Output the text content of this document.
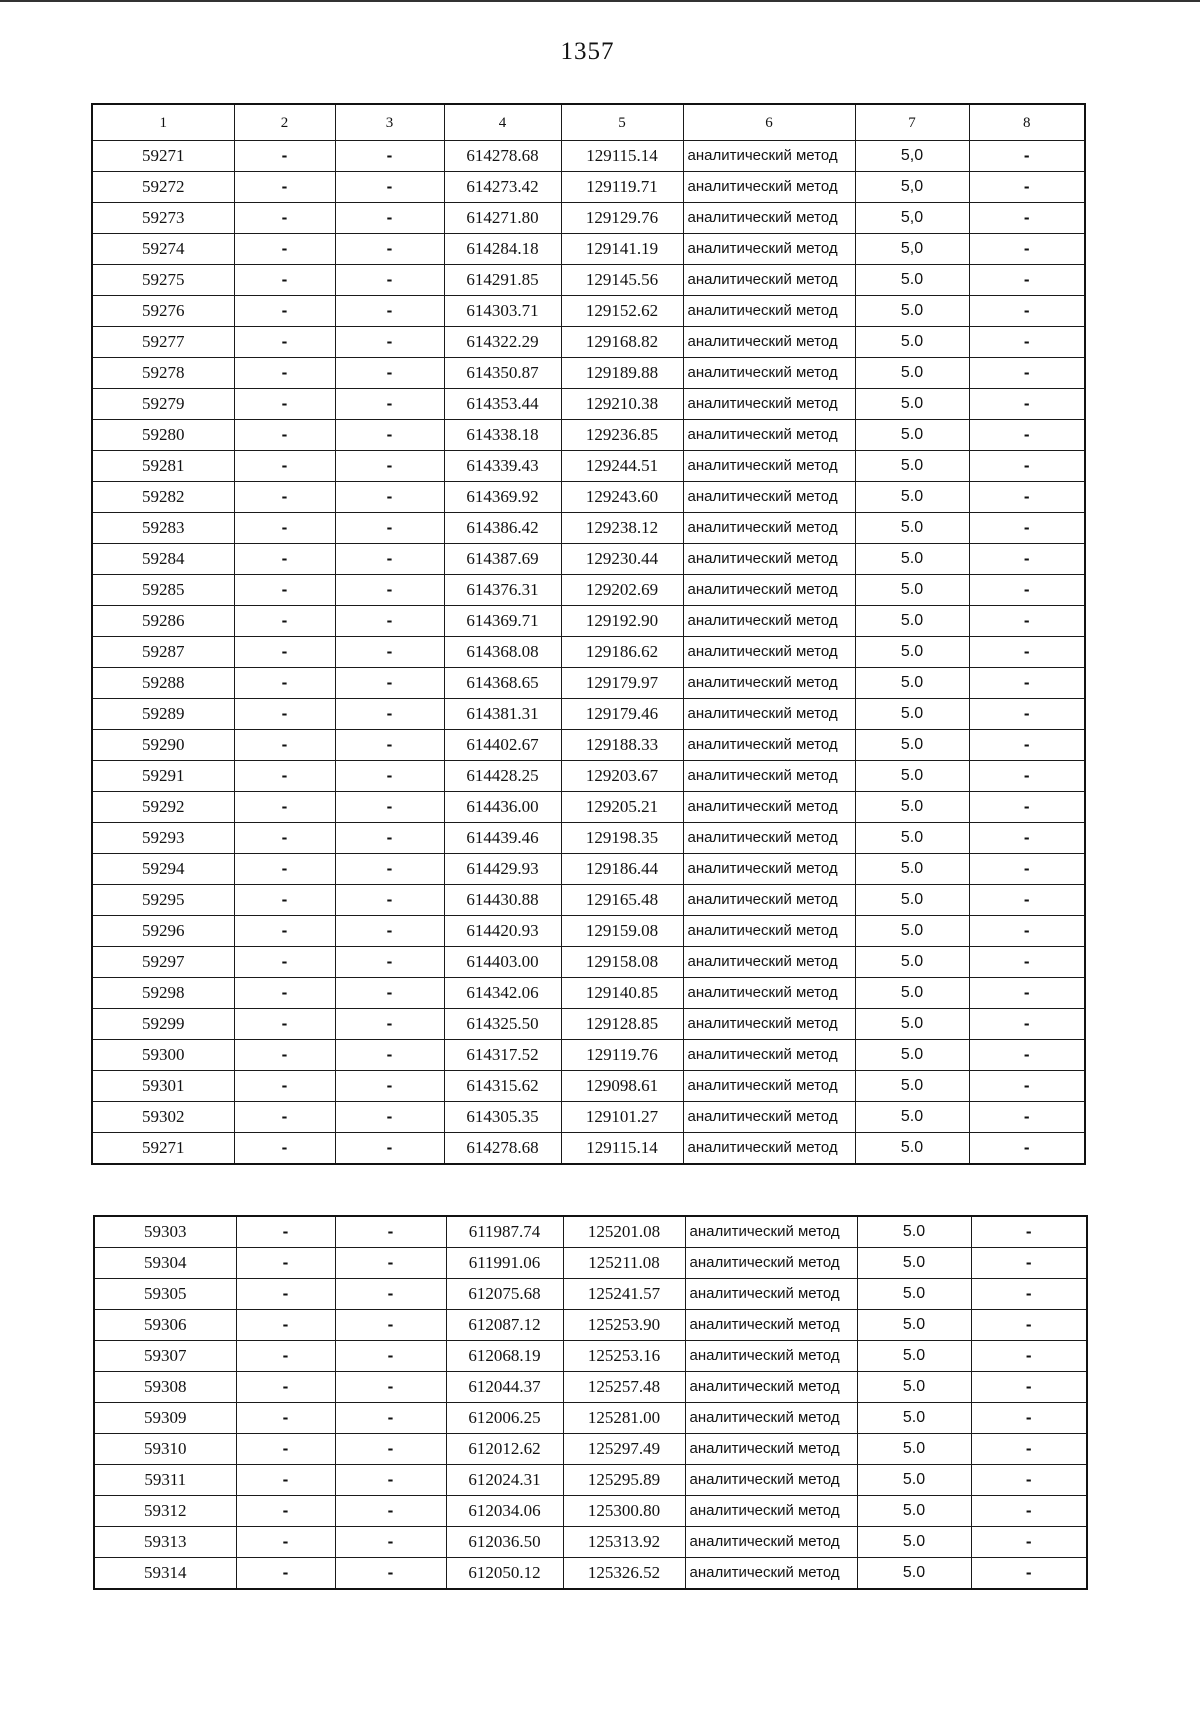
1357
1	2	3	4	5	6	7	8
59271	-	-	614278.68	129115.14	аналитический метод	5,0	-
59272	-	-	614273.42	129119.71	аналитический метод	5,0	-
59273	-	-	614271.80	129129.76	аналитический метод	5,0	-
59274	-	-	614284.18	129141.19	аналитический метод	5,0	-
59275	-	-	614291.85	129145.56	аналитический метод	5.0	-
59276	-	-	614303.71	129152.62	аналитический метод	5.0	-
59277	-	-	614322.29	129168.82	аналитический метод	5.0	-
59278	-	-	614350.87	129189.88	аналитический метод	5.0	-
59279	-	-	614353.44	129210.38	аналитический метод	5.0	-
59280	-	-	614338.18	129236.85	аналитический метод	5.0	-
59281	-	-	614339.43	129244.51	аналитический метод	5.0	-
59282	-	-	614369.92	129243.60	аналитический метод	5.0	-
59283	-	-	614386.42	129238.12	аналитический метод	5.0	-
59284	-	-	614387.69	129230.44	аналитический метод	5.0	-
59285	-	-	614376.31	129202.69	аналитический метод	5.0	-
59286	-	-	614369.71	129192.90	аналитический метод	5.0	-
59287	-	-	614368.08	129186.62	аналитический метод	5.0	-
59288	-	-	614368.65	129179.97	аналитический метод	5.0	-
59289	-	-	614381.31	129179.46	аналитический метод	5.0	-
59290	-	-	614402.67	129188.33	аналитический метод	5.0	-
59291	-	-	614428.25	129203.67	аналитический метод	5.0	-
59292	-	-	614436.00	129205.21	аналитический метод	5.0	-
59293	-	-	614439.46	129198.35	аналитический метод	5.0	-
59294	-	-	614429.93	129186.44	аналитический метод	5.0	-
59295	-	-	614430.88	129165.48	аналитический метод	5.0	-
59296	-	-	614420.93	129159.08	аналитический метод	5.0	-
59297	-	-	614403.00	129158.08	аналитический метод	5.0	-
59298	-	-	614342.06	129140.85	аналитический метод	5.0	-
59299	-	-	614325.50	129128.85	аналитический метод	5.0	-
59300	-	-	614317.52	129119.76	аналитический метод	5.0	-
59301	-	-	614315.62	129098.61	аналитический метод	5.0	-
59302	-	-	614305.35	129101.27	аналитический метод	5.0	-
59271	-	-	614278.68	129115.14	аналитический метод	5.0	-
59303	-	-	611987.74	125201.08	аналитический метод	5.0	-
59304	-	-	611991.06	125211.08	аналитический метод	5.0	-
59305	-	-	612075.68	125241.57	аналитический метод	5.0	-
59306	-	-	612087.12	125253.90	аналитический метод	5.0	-
59307	-	-	612068.19	125253.16	аналитический метод	5.0	-
59308	-	-	612044.37	125257.48	аналитический метод	5.0	-
59309	-	-	612006.25	125281.00	аналитический метод	5.0	-
59310	-	-	612012.62	125297.49	аналитический метод	5.0	-
59311	-	-	612024.31	125295.89	аналитический метод	5.0	-
59312	-	-	612034.06	125300.80	аналитический метод	5.0	-
59313	-	-	612036.50	125313.92	аналитический метод	5.0	-
59314	-	-	612050.12	125326.52	аналитический метод	5.0	-
